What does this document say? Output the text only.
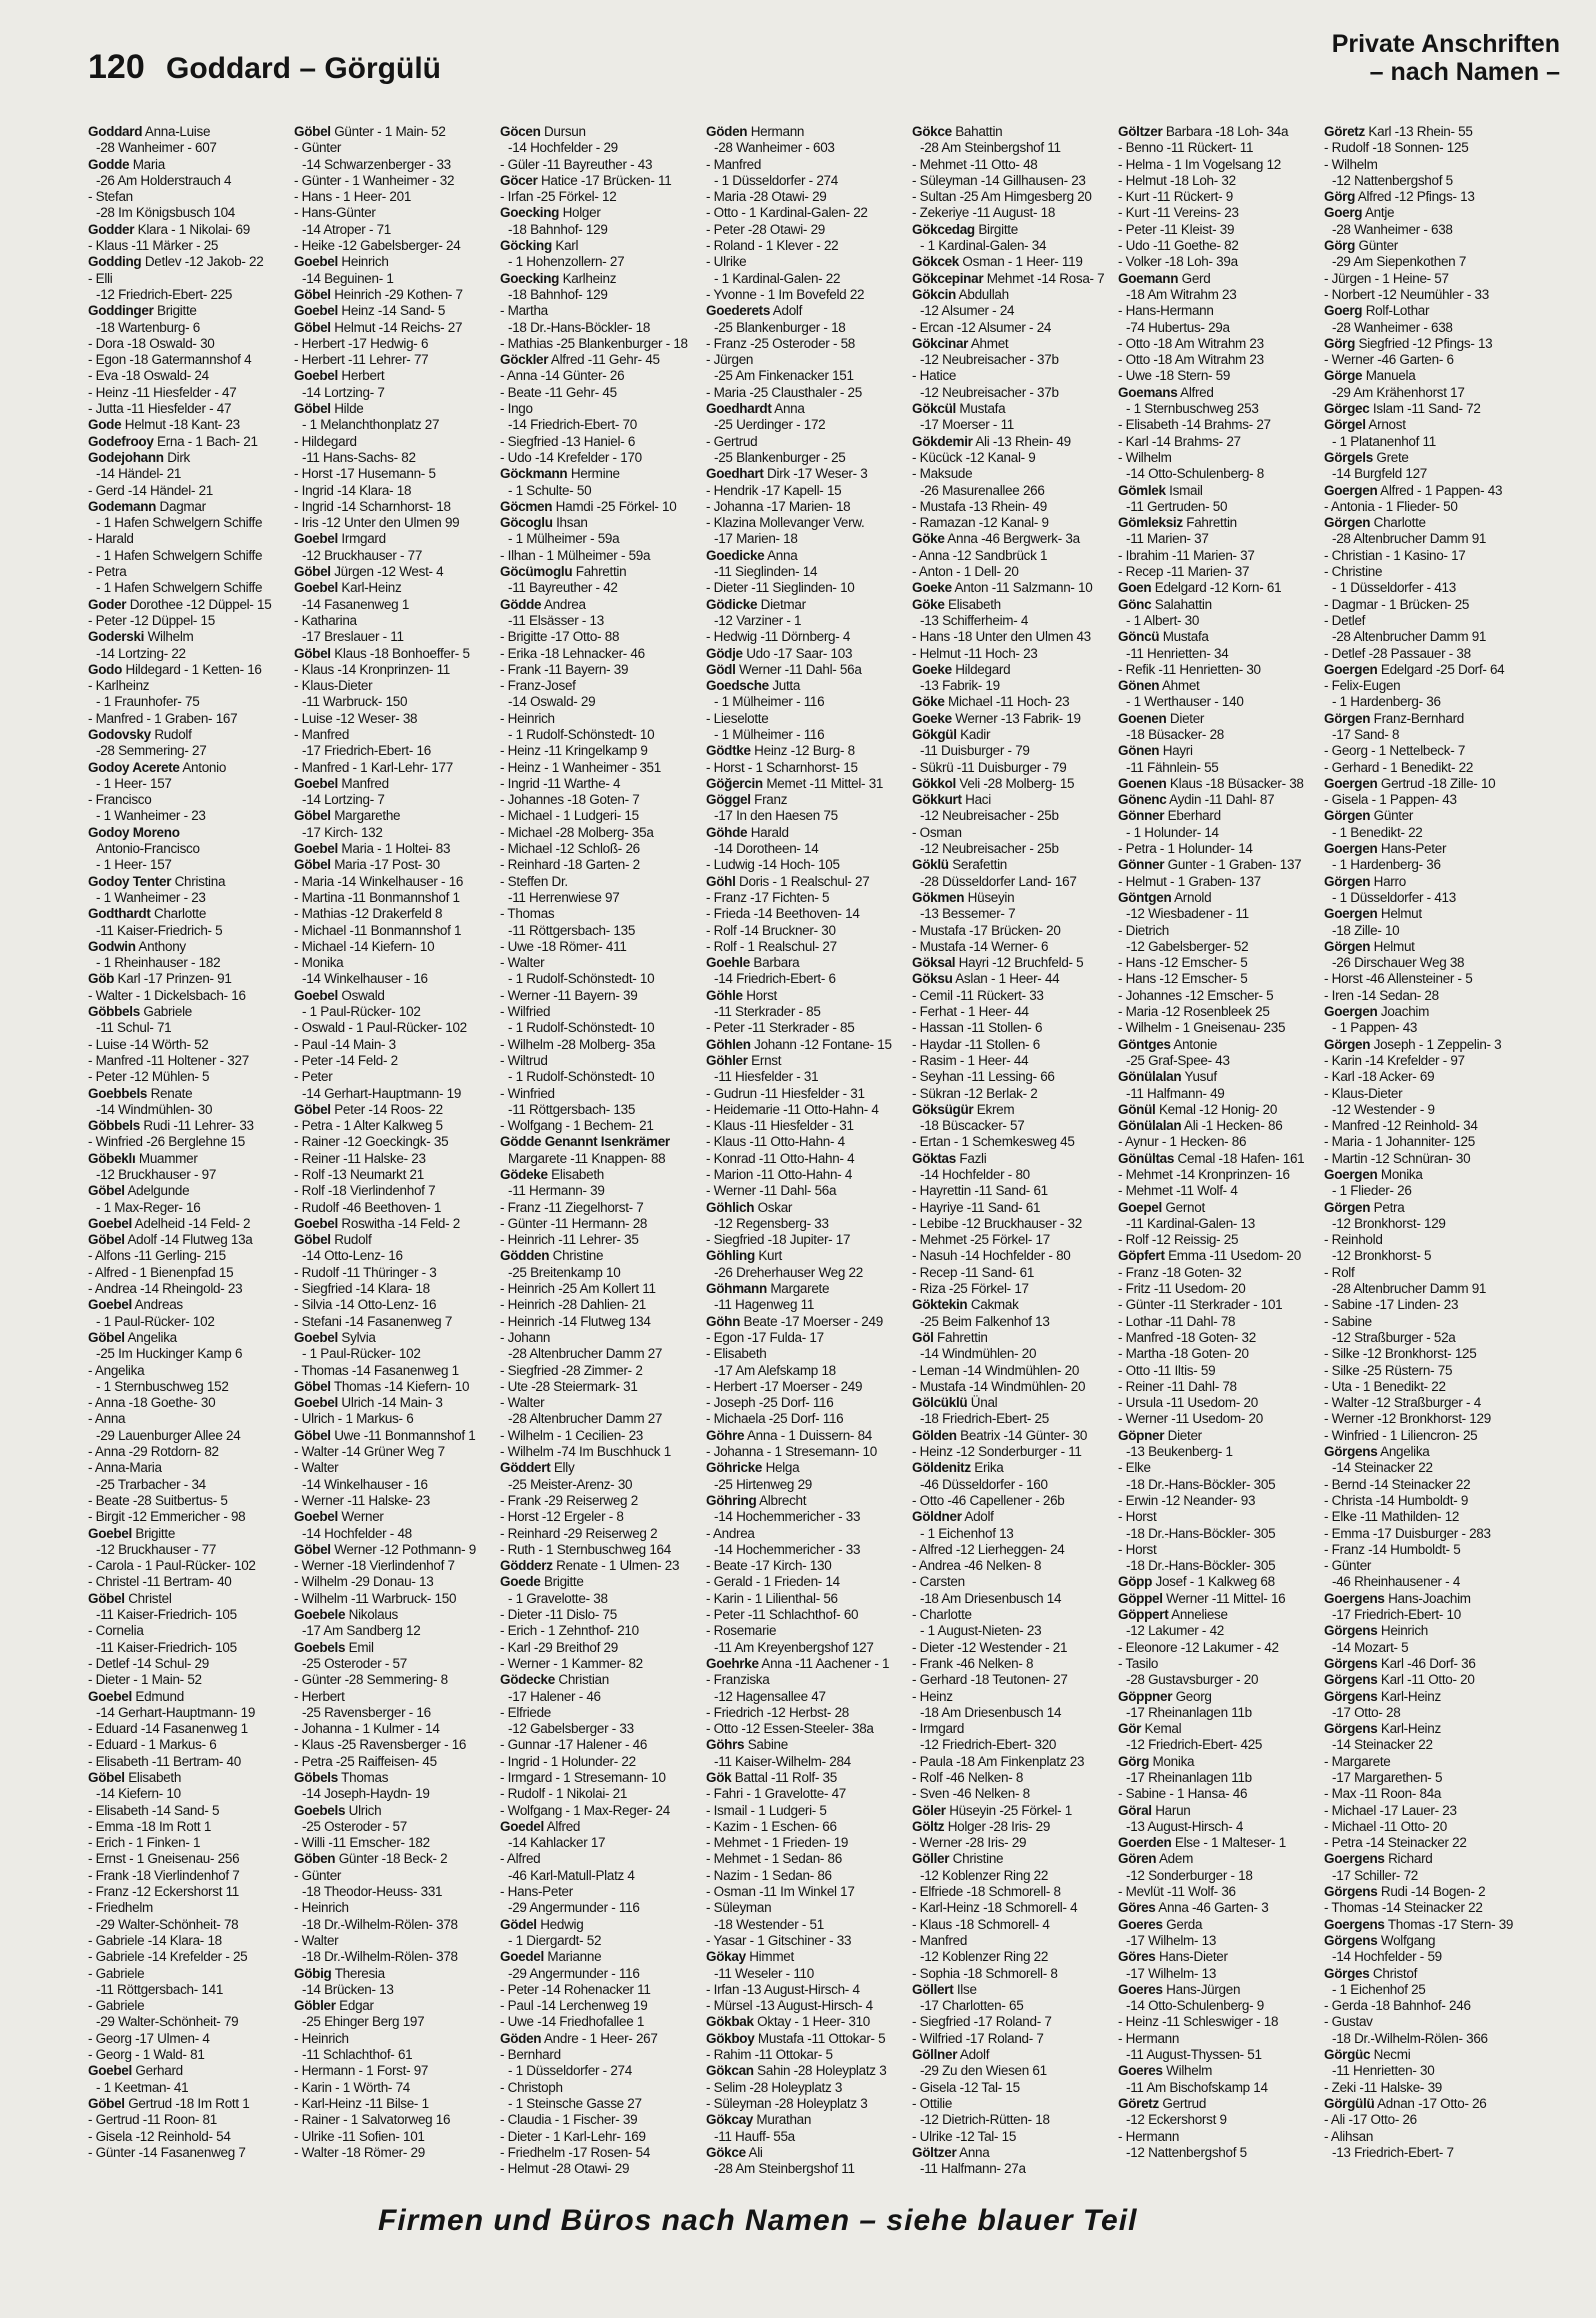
120 Goddard – Görgülü
Private Anschriften
– nach Namen –
Goddard Anna-Luise
-28 Wanheimer - 607
Godde Maria
-26 Am Holderstrauch 4
- Stefan
-28 Im Königsbusch 104
Godder Klara - 1 Nikolai- 69
- Klaus -11 Märker - 25
Godding Detlev -12 Jakob- 22
- Elli
-12 Friedrich-Ebert- 225
Goddinger Brigitte
-18 Wartenburg- 6
- Dora -18 Oswald- 30
- Egon -18 Gatermannshof 4
- Eva -18 Oswald- 24
- Heinz -11 Hiesfelder - 47
- Jutta -11 Hiesfelder - 47
Gode Helmut -18 Kant- 23
Godefrooy Erna - 1 Bach- 21
Godejohann Dirk
-14 Händel- 21
- Gerd -14 Händel- 21
Godemann Dagmar
- 1 Hafen Schwelgern Schiffe
- Harald
- 1 Hafen Schwelgern Schiffe
- Petra
- 1 Hafen Schwelgern Schiffe
Goder Dorothee -12 Düppel- 15
- Peter -12 Düppel- 15
Goderski Wilhelm
-14 Lortzing- 22
Godo Hildegard - 1 Ketten- 16
- Karlheinz
- 1 Fraunhofer- 75
- Manfred - 1 Graben- 167
Godovsky Rudolf
-28 Semmering- 27
Godoy Acerete Antonio
- 1 Heer- 157
- Francisco
- 1 Wanheimer - 23
Godoy Moreno
Antonio-Francisco
- 1 Heer- 157
Godoy Tenter Christina
- 1 Wanheimer - 23
Godthardt Charlotte
-11 Kaiser-Friedrich- 5
Godwin Anthony
- 1 Rheinhauser - 182
Göb Karl -17 Prinzen- 91
- Walter - 1 Dickelsbach- 16
Göbbels Gabriele
-11 Schul- 71
- Luise -14 Wörth- 52
- Manfred -11 Holtener - 327
- Peter -12 Mühlen- 5
Goebbels Renate
-14 Windmühlen- 30
Göbbels Rudi -11 Lehrer- 33
- Winfried -26 Berglehne 15
Göbeklı Muammer
-12 Bruckhauser - 97
Göbel Adelgunde
- 1 Max-Reger- 16
Goebel Adelheid -14 Feld- 2
Göbel Adolf -14 Flutweg 13a
- Alfons -11 Gerling- 215
- Alfred - 1 Bienenpfad 15
- Andrea -14 Rheingold- 23
Goebel Andreas
- 1 Paul-Rücker- 102
Göbel Angelika
-25 Im Huckinger Kamp 6
- Angelika
- 1 Sternbuschweg 152
- Anna -18 Goethe- 30
- Anna
-29 Lauenburger Allee 24
- Anna -29 Rotdorn- 82
- Anna-Maria
-25 Trarbacher - 34
- Beate -28 Suitbertus- 5
- Birgit -12 Emmericher - 98
Goebel Brigitte
-12 Bruckhauser - 77
- Carola - 1 Paul-Rücker- 102
- Christel -11 Bertram- 40
Göbel Christel
-11 Kaiser-Friedrich- 105
- Cornelia
-11 Kaiser-Friedrich- 105
- Detlef -14 Schul- 29
- Dieter - 1 Main- 52
Goebel Edmund
-14 Gerhart-Hauptmann- 19
- Eduard -14 Fasanenweg 1
- Eduard - 1 Markus- 6
- Elisabeth -11 Bertram- 40
Göbel Elisabeth
-14 Kiefern- 10
- Elisabeth -14 Sand- 5
- Emma -18 Im Rott 1
- Erich - 1 Finken- 1
- Ernst - 1 Gneisenau- 256
- Frank -18 Vierlindenhof 7
- Franz -12 Eckershorst 11
- Friedhelm
-29 Walter-Schönheit- 78
- Gabriele -14 Klara- 18
- Gabriele -14 Krefelder - 25
- Gabriele
-11 Röttgersbach- 141
- Gabriele
-29 Walter-Schönheit- 79
- Georg -17 Ulmen- 4
- Georg - 1 Wald- 81
Goebel Gerhard
- 1 Keetman- 41
Göbel Gertrud -18 Im Rott 1
- Gertrud -11 Roon- 81
- Gisela -12 Reinhold- 54
- Günter -14 Fasanenweg 7
Göbel Günter - 1 Main- 52
- Günter
-14 Schwarzenberger - 33
- Günter - 1 Wanheimer - 32
- Hans - 1 Heer- 201
- Hans-Günter
-14 Atroper - 71
- Heike -12 Gabelsberger- 24
Goebel Heinrich
-14 Beguinen- 1
Göbel Heinrich -29 Kothen- 7
Goebel Heinz -14 Sand- 5
Göbel Helmut -14 Reichs- 27
- Herbert -17 Hedwig- 6
- Herbert -11 Lehrer- 77
Goebel Herbert
-14 Lortzing- 7
Göbel Hilde
- 1 Melanchthonplatz 27
- Hildegard
-11 Hans-Sachs- 82
- Horst -17 Husemann- 5
- Ingrid -14 Klara- 18
- Ingrid -14 Scharnhorst- 18
- Iris -12 Unter den Ulmen 99
Goebel Irmgard
-12 Bruckhauser - 77
Göbel Jürgen -12 West- 4
Goebel Karl-Heinz
-14 Fasanenweg 1
- Katharina
-17 Breslauer - 11
Göbel Klaus -18 Bonhoeffer- 5
- Klaus -14 Kronprinzen- 11
- Klaus-Dieter
-11 Warbruck- 150
- Luise -12 Weser- 38
- Manfred
-17 Friedrich-Ebert- 16
- Manfred - 1 Karl-Lehr- 177
Goebel Manfred
-14 Lortzing- 7
Göbel Margarethe
-17 Kirch- 132
Goebel Maria - 1 Holtei- 83
Göbel Maria -17 Post- 30
- Maria -14 Winkelhauser - 16
- Martina -11 Bonmannshof 1
- Mathias -12 Drakerfeld 8
- Michael -11 Bonmannshof 1
- Michael -14 Kiefern- 10
- Monika
-14 Winkelhauser - 16
Goebel Oswald
- 1 Paul-Rücker- 102
- Oswald - 1 Paul-Rücker- 102
- Paul -14 Main- 3
- Peter -14 Feld- 2
- Peter
-14 Gerhart-Hauptmann- 19
Göbel Peter -14 Roos- 22
- Petra - 1 Alter Kalkweg 5
- Rainer -12 Goeckingk- 35
- Reiner -11 Halske- 23
- Rolf -13 Neumarkt 21
- Rolf -18 Vierlindenhof 7
- Rudolf -46 Beethoven- 1
Goebel Roswitha -14 Feld- 2
Göbel Rudolf
-14 Otto-Lenz- 16
- Rudolf -11 Thüringer - 3
- Siegfried -14 Klara- 18
- Silvia -14 Otto-Lenz- 16
- Stefani -14 Fasanenweg 7
Goebel Sylvia
- 1 Paul-Rücker- 102
- Thomas -14 Fasanenweg 1
Göbel Thomas -14 Kiefern- 10
Goebel Ulrich -14 Main- 3
- Ulrich - 1 Markus- 6
Göbel Uwe -11 Bonmannshof 1
- Walter -14 Grüner Weg 7
- Walter
-14 Winkelhauser - 16
- Werner -11 Halske- 23
Goebel Werner
-14 Hochfelder - 48
Göbel Werner -12 Pothmann- 9
- Werner -18 Vierlindenhof 7
- Wilhelm -29 Donau- 13
- Wilhelm -11 Warbruck- 150
Goebele Nikolaus
-17 Am Sandberg 12
Goebels Emil
-25 Osteroder - 57
- Günter -28 Semmering- 8
- Herbert
-25 Ravensberger - 16
- Johanna - 1 Kulmer - 14
- Klaus -25 Ravensberger - 16
- Petra -25 Raiffeisen- 45
Göbels Thomas
-14 Joseph-Haydn- 19
Goebels Ulrich
-25 Osteroder - 57
- Willi -11 Emscher- 182
Göben Günter -18 Beck- 2
- Günter
-18 Theodor-Heuss- 331
- Heinrich
-18 Dr.-Wilhelm-Rölen- 378
- Walter
-18 Dr.-Wilhelm-Rölen- 378
Göbig Theresia
-14 Brücken- 13
Göbler Edgar
-25 Ehinger Berg 197
- Heinrich
-11 Schlachthof- 61
- Hermann - 1 Forst- 97
- Karin - 1 Wörth- 74
- Karl-Heinz -11 Bilse- 1
- Rainer - 1 Salvatorweg 16
- Ulrike -11 Sofien- 101
- Walter -18 Römer- 29
Göcen Dursun
-14 Hochfelder - 29
- Güler -11 Bayreuther - 43
Göcer Hatice -17 Brücken- 11
- Irfan -25 Förkel- 12
Goecking Holger
-18 Bahnhof- 129
Göcking Karl
- 1 Hohenzollern- 27
Goecking Karlheinz
-18 Bahnhof- 129
- Martha
-18 Dr.-Hans-Böckler- 18
- Mathias -25 Blankenburger - 18
Göckler Alfred -11 Gehr- 45
- Anna -14 Günter- 26
- Beate -11 Gehr- 45
- Ingo
-14 Friedrich-Ebert- 70
- Siegfried -13 Haniel- 6
- Udo -14 Krefelder - 170
Göckmann Hermine
- 1 Schulte- 50
Göcmen Hamdi -25 Förkel- 10
Göcoglu Ihsan
- 1 Mülheimer - 59a
- Ilhan - 1 Mülheimer - 59a
Göcümoglu Fahrettin
-11 Bayreuther - 42
Gödde Andrea
-11 Elsässer - 13
- Brigitte -17 Otto- 88
- Erika -18 Lehnacker- 46
- Frank -11 Bayern- 39
- Franz-Josef
-14 Oswald- 29
- Heinrich
- 1 Rudolf-Schönstedt- 10
- Heinz -11 Kringelkamp 9
- Heinz - 1 Wanheimer - 351
- Ingrid -11 Warthe- 4
- Johannes -18 Goten- 7
- Michael - 1 Ludgeri- 15
- Michael -28 Molberg- 35a
- Michael -12 Schloß- 26
- Reinhard -18 Garten- 2
- Steffen Dr.
-11 Herrenwiese 97
- Thomas
-11 Röttgersbach- 135
- Uwe -18 Römer- 411
- Walter
- 1 Rudolf-Schönstedt- 10
- Werner -11 Bayern- 39
- Wilfried
- 1 Rudolf-Schönstedt- 10
- Wilhelm -28 Molberg- 35a
- Wiltrud
- 1 Rudolf-Schönstedt- 10
- Winfried
-11 Röttgersbach- 135
- Wolfgang - 1 Bechem- 21
Gödde Genannt Isenkrämer
Margarete -11 Knappen- 88
Gödeke Elisabeth
-11 Hermann- 39
- Franz -11 Ziegelhorst- 7
- Günter -11 Hermann- 28
- Heinrich -11 Lehrer- 35
Gödden Christine
-25 Breitenkamp 10
- Heinrich -25 Am Kollert 11
- Heinrich -28 Dahlien- 21
- Heinrich -14 Flutweg 134
- Johann
-28 Altenbrucher Damm 27
- Siegfried -28 Zimmer- 2
- Ute -28 Steiermark- 31
- Walter
-28 Altenbrucher Damm 27
- Wilhelm - 1 Cecilien- 23
- Wilhelm -74 Im Buschhuck 1
Göddert Elly
-25 Meister-Arenz- 30
- Frank -29 Reiserweg 2
- Horst -12 Ergeler - 8
- Reinhard -29 Reiserweg 2
- Ruth - 1 Sternbuschweg 164
Gödderz Renate - 1 Ulmen- 23
Goede Brigitte
- 1 Gravelotte- 38
- Dieter -11 Dislo- 75
- Erich - 1 Zehnthof- 210
- Karl -29 Breithof 29
- Werner - 1 Kammer- 82
Gödecke Christian
-17 Halener - 46
- Elfriede
-12 Gabelsberger - 33
- Gunnar -17 Halener - 46
- Ingrid - 1 Holunder- 22
- Irmgard - 1 Stresemann- 10
- Rudolf - 1 Nikolai- 21
- Wolfgang - 1 Max-Reger- 24
Goedel Alfred
-14 Kahlacker 17
- Alfred
-46 Karl-Matull-Platz 4
- Hans-Peter
-29 Angermunder - 116
Gödel Hedwig
- 1 Diergardt- 52
Goedel Marianne
-29 Angermunder - 116
- Peter -14 Rohenacker 11
- Paul -14 Lerchenweg 19
- Uwe -14 Friedhofallee 1
Göden Andre - 1 Heer- 267
- Bernhard
- 1 Düsseldorfer - 274
- Christoph
- 1 Steinsche Gasse 27
- Claudia - 1 Fischer- 39
- Dieter - 1 Karl-Lehr- 169
- Friedhelm -17 Rosen- 54
- Helmut -28 Otawi- 29
Göden Hermann
-28 Wanheimer - 603
- Manfred
- 1 Düsseldorfer - 274
- Maria -28 Otawi- 29
- Otto - 1 Kardinal-Galen- 22
- Peter -28 Otawi- 29
- Roland - 1 Klever - 22
- Ulrike
- 1 Kardinal-Galen- 22
- Yvonne - 1 Im Bovefeld 22
Goederets Adolf
-25 Blankenburger - 18
- Franz -25 Osteroder - 58
- Jürgen
-25 Am Finkenacker 151
- Maria -25 Clausthaler - 25
Goedhardt Anna
-25 Uerdinger - 172
- Gertrud
-25 Blankenburger - 25
Goedhart Dirk -17 Weser- 3
- Hendrik -17 Kapell- 15
- Johanna -17 Marien- 18
- Klazina Mollevanger Verw.
-17 Marien- 18
Goedicke Anna
-11 Sieglinden- 14
- Dieter -11 Sieglinden- 10
Gödicke Dietmar
-12 Varziner - 1
- Hedwig -11 Dörnberg- 4
Gödje Udo -17 Saar- 103
Gödl Werner -11 Dahl- 56a
Goedsche Jutta
- 1 Mülheimer - 116
- Lieselotte
- 1 Mülheimer - 116
Gödtke Heinz -12 Burg- 8
- Horst - 1 Scharnhorst- 15
Göğercin Memet -11 Mittel- 31
Göggel Franz
-17 In den Haesen 75
Göhde Harald
-14 Dorotheen- 14
- Ludwig -14 Hoch- 105
Göhl Doris - 1 Realschul- 27
- Franz -17 Fichten- 5
- Frieda -14 Beethoven- 14
- Rolf -14 Bruckner- 30
- Rolf - 1 Realschul- 27
Goehle Barbara
-14 Friedrich-Ebert- 6
Göhle Horst
-11 Sterkrader - 85
- Peter -11 Sterkrader - 85
Göhlen Johann -12 Fontane- 15
Göhler Ernst
-11 Hiesfelder - 31
- Gudrun -11 Hiesfelder - 31
- Heidemarie -11 Otto-Hahn- 4
- Klaus -11 Hiesfelder - 31
- Klaus -11 Otto-Hahn- 4
- Konrad -11 Otto-Hahn- 4
- Marion -11 Otto-Hahn- 4
- Werner -11 Dahl- 56a
Göhlich Oskar
-12 Regensberg- 33
- Siegfried -18 Jupiter- 17
Göhling Kurt
-26 Dreherhauser Weg 22
Göhmann Margarete
-11 Hagenweg 11
Göhn Beate -17 Moerser - 249
- Egon -17 Fulda- 17
- Elisabeth
-17 Am Alefskamp 18
- Herbert -17 Moerser - 249
- Joseph -25 Dorf- 116
- Michaela -25 Dorf- 116
Göhre Anna - 1 Duissern- 84
- Johanna - 1 Stresemann- 10
Göhricke Helga
-25 Hirtenweg 29
Göhring Albrecht
-14 Hochemmericher - 33
- Andrea
-14 Hochemmericher - 33
- Beate -17 Kirch- 130
- Gerald - 1 Frieden- 14
- Karin - 1 Lilienthal- 56
- Peter -11 Schlachthof- 60
- Rosemarie
-11 Am Kreyenbergshof 127
Goehrke Anna -11 Aachener - 1
- Franziska
-12 Hagensallee 47
- Friedrich -12 Herbst- 28
- Otto -12 Essen-Steeler- 38a
Göhrs Sabine
-11 Kaiser-Wilhelm- 284
Gök Battal -11 Rolf- 35
- Fahri - 1 Gravelotte- 47
- Ismail - 1 Ludgeri- 5
- Kazim - 1 Eschen- 66
- Mehmet - 1 Frieden- 19
- Mehmet - 1 Sedan- 86
- Nazim - 1 Sedan- 86
- Osman -11 Im Winkel 17
- Süleyman
-18 Westender - 51
- Yasar - 1 Gitschiner - 33
Gökay Himmet
-11 Weseler - 110
- Irfan -13 August-Hirsch- 4
- Mürsel -13 August-Hirsch- 4
Gökbak Oktay - 1 Heer- 310
Gökboy Mustafa -11 Ottokar- 5
- Rahim -11 Ottokar- 5
Gökcan Sahin -28 Holeyplatz 3
- Selim -28 Holeyplatz 3
- Süleyman -28 Holeyplatz 3
Gökcay Murathan
-11 Hauff- 55a
Gökce Ali
-28 Am Steinbergshof 11
Gökce Bahattin
-28 Am Steinbergshof 11
- Mehmet -11 Otto- 48
- Süleyman -14 Gillhausen- 23
- Sultan -25 Am Himgesberg 20
- Zekeriye -11 August- 18
Gökcedag Birgitte
- 1 Kardinal-Galen- 34
Gökcek Osman - 1 Heer- 119
Gökcepinar Mehmet -14 Rosa- 7
Gökcin Abdullah
-12 Alsumer - 24
- Ercan -12 Alsumer - 24
Gökcinar Ahmet
-12 Neubreisacher - 37b
- Hatice
-12 Neubreisacher - 37b
Gökcül Mustafa
-17 Moerser - 11
Gökdemir Ali -13 Rhein- 49
- Kücück -12 Kanal- 9
- Maksude
-26 Masurenallee 266
- Mustafa -13 Rhein- 49
- Ramazan -12 Kanal- 9
Göke Anna -46 Bergwerk- 3a
- Anna -12 Sandbrück 1
- Anton - 1 Dell- 20
Goeke Anton -11 Salzmann- 10
Göke Elisabeth
-13 Schifferheim- 4
- Hans -18 Unter den Ulmen 43
- Helmut -11 Hoch- 23
Goeke Hildegard
-13 Fabrik- 19
Göke Michael -11 Hoch- 23
Goeke Werner -13 Fabrik- 19
Gökgül Kadir
-11 Duisburger - 79
- Sükrü -11 Duisburger - 79
Gökkol Veli -28 Molberg- 15
Gökkurt Haci
-12 Neubreisacher - 25b
- Osman
-12 Neubreisacher - 25b
Göklü Serafettin
-28 Düsseldorfer Land- 167
Gökmen Hüseyin
-13 Bessemer- 7
- Mustafa -17 Brücken- 20
- Mustafa -14 Werner- 6
Göksal Hayri -12 Bruchfeld- 5
Göksu Aslan - 1 Heer- 44
- Cemil -11 Rückert- 33
- Ferhat - 1 Heer- 44
- Hassan -11 Stollen- 6
- Haydar -11 Stollen- 6
- Rasim - 1 Heer- 44
- Seyhan -11 Lessing- 66
- Sükran -12 Berlak- 2
Göksügür Ekrem
-18 Büscacker- 57
- Ertan - 1 Schemkesweg 45
Göktas Fazli
-14 Hochfelder - 80
- Hayrettin -11 Sand- 61
- Hayriye -11 Sand- 61
- Lebibe -12 Bruckhauser - 32
- Mehmet -25 Förkel- 17
- Nasuh -14 Hochfelder - 80
- Recep -11 Sand- 61
- Riza -25 Förkel- 17
Göktekin Cakmak
-25 Beim Falkenhof 13
Göl Fahrettin
-14 Windmühlen- 20
- Leman -14 Windmühlen- 20
- Mustafa -14 Windmühlen- 20
Gölcüklü Ünal
-18 Friedrich-Ebert- 25
Gölden Beatrix -14 Günter- 30
- Heinz -12 Sonderburger - 11
Göldenitz Erika
-46 Düsseldorfer - 160
- Otto -46 Capellener - 26b
Göldner Adolf
- 1 Eichenhof 13
- Alfred -12 Lierheggen- 24
- Andrea -46 Nelken- 8
- Carsten
-18 Am Driesenbusch 14
- Charlotte
- 1 August-Nieten- 23
- Dieter -12 Westender - 21
- Frank -46 Nelken- 8
- Gerhard -18 Teutonen- 27
- Heinz
-18 Am Driesenbusch 14
- Irmgard
-12 Friedrich-Ebert- 320
- Paula -18 Am Finkenplatz 23
- Rolf -46 Nelken- 8
- Sven -46 Nelken- 8
Göler Hüseyin -25 Förkel- 1
Göltz Holger -28 Iris- 29
- Werner -28 Iris- 29
Göller Christine
-12 Koblenzer Ring 22
- Elfriede -18 Schmorell- 8
- Karl-Heinz -18 Schmorell- 4
- Klaus -18 Schmorell- 4
- Manfred
-12 Koblenzer Ring 22
- Sophia -18 Schmorell- 8
Göllert Ilse
-17 Charlotten- 65
- Siegfried -17 Roland- 7
- Wilfried -17 Roland- 7
Göllner Adolf
-29 Zu den Wiesen 61
- Gisela -12 Tal- 15
- Ottilie
-12 Dietrich-Rütten- 18
- Ulrike -12 Tal- 15
Göltzer Anna
-11 Halfmann- 27a
Göltzer Barbara -18 Loh- 34a
- Benno -11 Rückert- 11
- Helma - 1 Im Vogelsang 12
- Helmut -18 Loh- 32
- Kurt -11 Rückert- 9
- Kurt -11 Vereins- 23
- Peter -11 Kleist- 39
- Udo -11 Goethe- 82
- Volker -18 Loh- 39a
Goemann Gerd
-18 Am Witrahm 23
- Hans-Hermann
-74 Hubertus- 29a
- Otto -18 Am Witrahm 23
- Otto -18 Am Witrahm 23
- Uwe -18 Stern- 59
Goemans Alfred
- 1 Sternbuschweg 253
- Elisabeth -14 Brahms- 27
- Karl -14 Brahms- 27
- Wilhelm
-14 Otto-Schulenberg- 8
Gömlek Ismail
-11 Gertruden- 50
Gömleksiz Fahrettin
-11 Marien- 37
- Ibrahim -11 Marien- 37
- Recep -11 Marien- 37
Goen Edelgard -12 Korn- 61
Gönc Salahattin
- 1 Albert- 30
Göncü Mustafa
-11 Henrietten- 34
- Refik -11 Henrietten- 30
Gönen Ahmet
- 1 Werthauser - 140
Goenen Dieter
-18 Büsacker- 28
Gönen Hayri
-11 Fähnlein- 55
Goenen Klaus -18 Büsacker- 38
Gönenc Aydin -11 Dahl- 87
Gönner Eberhard
- 1 Holunder- 14
- Petra - 1 Holunder- 14
Gönner Gunter - 1 Graben- 137
- Helmut - 1 Graben- 137
Göntgen Arnold
-12 Wiesbadener - 11
- Dietrich
-12 Gabelsberger- 52
- Hans -12 Emscher- 5
- Hans -12 Emscher- 5
- Johannes -12 Emscher- 5
- Maria -12 Rosenbleek 25
- Wilhelm - 1 Gneisenau- 235
Göntges Antonie
-25 Graf-Spee- 43
Gönülalan Yusuf
-11 Halfmann- 49
Gönül Kemal -12 Honig- 20
Gönülalan Ali -1 Hecken- 86
- Aynur - 1 Hecken- 86
Gönültas Cemal -18 Hafen- 161
- Mehmet -14 Kronprinzen- 16
- Mehmet -11 Wolf- 4
Goepel Gernot
-11 Kardinal-Galen- 13
- Rolf -12 Reissig- 25
Göpfert Emma -11 Usedom- 20
- Franz -18 Goten- 32
- Fritz -11 Usedom- 20
- Günter -11 Sterkrader - 101
- Lothar -11 Dahl- 78
- Manfred -18 Goten- 32
- Martha -18 Goten- 20
- Otto -11 Iltis- 59
- Reiner -11 Dahl- 78
- Ursula -11 Usedom- 20
- Werner -11 Usedom- 20
Göpner Dieter
-13 Beukenberg- 1
- Elke
-18 Dr.-Hans-Böckler- 305
- Erwin -12 Neander- 93
- Horst
-18 Dr.-Hans-Böckler- 305
- Horst
-18 Dr.-Hans-Böckler- 305
Göpp Josef - 1 Kalkweg 68
Göppel Werner -11 Mittel- 16
Göppert Anneliese
-12 Lakumer - 42
- Eleonore -12 Lakumer - 42
- Tasilo
-28 Gustavsburger - 20
Göppner Georg
-17 Rheinanlagen 11b
Gör Kemal
-12 Friedrich-Ebert- 425
Görg Monika
-17 Rheinanlagen 11b
- Sabine - 1 Hansa- 46
Göral Harun
-13 August-Hirsch- 4
Goerden Else - 1 Malteser- 1
Gören Adem
-12 Sonderburger - 18
- Mevlüt -11 Wolf- 36
Göres Anna -46 Garten- 3
Goeres Gerda
-17 Wilhelm- 13
Göres Hans-Dieter
-17 Wilhelm- 13
Goeres Hans-Jürgen
-14 Otto-Schulenberg- 9
- Heinz -11 Schleswiger - 18
- Hermann
-11 August-Thyssen- 51
Goeres Wilhelm
-11 Am Bischofskamp 14
Göretz Gertrud
-12 Eckershorst 9
- Hermann
-12 Nattenbergshof 5
Göretz Karl -13 Rhein- 55
- Rudolf -18 Sonnen- 125
- Wilhelm
-12 Nattenbergshof 5
Görg Alfred -12 Pfings- 13
Goerg Antje
-28 Wanheimer - 638
Görg Günter
-29 Am Siepenkothen 7
- Jürgen - 1 Heine- 57
- Norbert -12 Neumühler - 33
Goerg Rolf-Lothar
-28 Wanheimer - 638
Görg Siegfried -12 Pfings- 13
- Werner -46 Garten- 6
Görge Manuela
-29 Am Krähenhorst 17
Görgec Islam -11 Sand- 72
Görgel Arnost
- 1 Platanenhof 11
Görgels Grete
-14 Burgfeld 127
Goergen Alfred - 1 Pappen- 43
- Antonia - 1 Flieder- 50
Görgen Charlotte
-28 Altenbrucher Damm 91
- Christian - 1 Kasino- 17
- Christine
- 1 Düsseldorfer - 413
- Dagmar - 1 Brücken- 25
- Detlef
-28 Altenbrucher Damm 91
- Detlef -28 Passauer - 38
Goergen Edelgard -25 Dorf- 64
- Felix-Eugen
- 1 Hardenberg- 36
Görgen Franz-Bernhard
-17 Sand- 8
- Georg - 1 Nettelbeck- 7
- Gerhard - 1 Benedikt- 22
Goergen Gertrud -18 Zille- 10
- Gisela - 1 Pappen- 43
Görgen Günter
- 1 Benedikt- 22
Goergen Hans-Peter
- 1 Hardenberg- 36
Görgen Harro
- 1 Düsseldorfer - 413
Goergen Helmut
-18 Zille- 10
Görgen Helmut
-26 Dirschauer Weg 38
- Horst -46 Allensteiner - 5
- Iren -14 Sedan- 28
Goergen Joachim
- 1 Pappen- 43
Görgen Joseph - 1 Zeppelin- 3
- Karin -14 Krefelder - 97
- Karl -18 Acker- 69
- Klaus-Dieter
-12 Westender - 9
- Manfred -12 Reinhold- 34
- Maria - 1 Johanniter- 125
- Martin -12 Schnüran- 30
Goergen Monika
- 1 Flieder- 26
Görgen Petra
-12 Bronkhorst- 129
- Reinhold
-12 Bronkhorst- 5
- Rolf
-28 Altenbrucher Damm 91
- Sabine -17 Linden- 23
- Sabine
-12 Straßburger - 52a
- Silke -12 Bronkhorst- 125
- Silke -25 Rüstern- 75
- Uta - 1 Benedikt- 22
- Walter -12 Straßburger - 4
- Werner -12 Bronkhorst- 129
- Winfried - 1 Liliencron- 25
Görgens Angelika
-14 Steinacker 22
- Bernd -14 Steinacker 22
- Christa -14 Humboldt- 9
- Elke -11 Mathilden- 12
- Emma -17 Duisburger - 283
- Franz -14 Humboldt- 5
- Günter
-46 Rheinhausener - 4
Goergens Hans-Joachim
-17 Friedrich-Ebert- 10
Görgens Heinrich
-14 Mozart- 5
Görgens Karl -46 Dorf- 36
Görgens Karl -11 Otto- 20
Görgens Karl-Heinz
-17 Otto- 28
Görgens Karl-Heinz
-14 Steinacker 22
- Margarete
-17 Margarethen- 5
- Max -11 Roon- 84a
- Michael -17 Lauer- 23
- Michael -11 Otto- 20
- Petra -14 Steinacker 22
Goergens Richard
-17 Schiller- 72
Görgens Rudi -14 Bogen- 2
- Thomas -14 Steinacker 22
Goergens Thomas -17 Stern- 39
Görgens Wolfgang
-14 Hochfelder - 59
Görges Christof
- 1 Eichenhof 25
- Gerda -18 Bahnhof- 246
- Gustav
-18 Dr.-Wilhelm-Rölen- 366
Görgüc Necmi
-11 Henrietten- 30
- Zeki -11 Halske- 39
Görgülü Adnan -17 Otto- 26
- Ali -17 Otto- 26
- Alihsan
-13 Friedrich-Ebert- 7
Firmen und Büros nach Namen – siehe blauer Teil
